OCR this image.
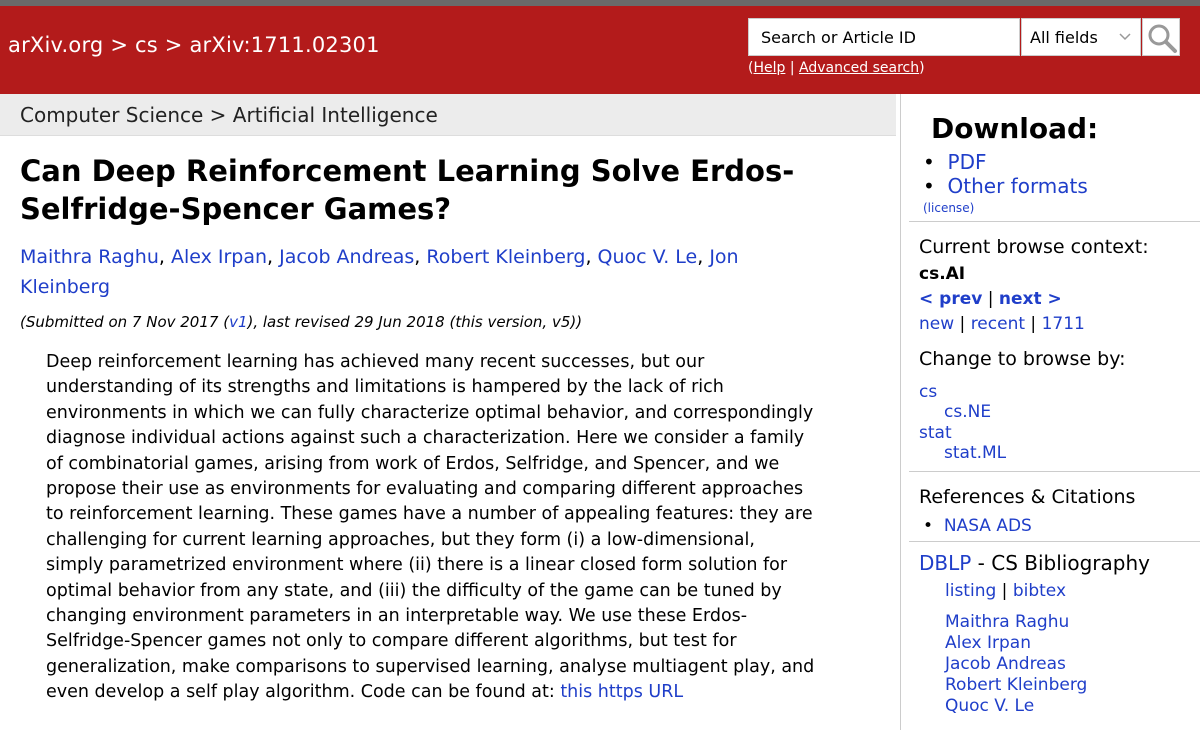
arXiv.org > cs > arXiv:1711.02301	Search or Article ID	All fields
(Help | Advanced search)
Computer Science > Artificial Intelligence
Can Deep Reinforcement Learning Solve Erdos-
Selfridge-Spencer Games?
Maithra Raghu, Alex Irpan, Jacob Andreas, Robert Kleinberg, Quoc V. Le, Jon
Kleinberg
(Submitted on 7 Nov 2017 (v1), last revised 29 Jun 2018 (this version, v5))
Deep reinforcement learning has achieved many recent successes, but our
understanding of its strengths and limitations is hampered by the lack of rich
environments in which we can fully characterize optimal behavior, and correspondingly
diagnose individual actions against such a characterization. Here we consider a family
of combinatorial games, arising from work of Erdos, Selfridge, and Spencer, and we
propose their use as environments for evaluating and comparing different approaches
to reinforcement learning. These games have a number of appealing features: they are
challenging for current learning approaches, but they form (i) a low-dimensional,
simply parametrized environment where (ii) there is a linear closed form solution for
optimal behavior from any state, and (iii) the difficulty of the game can be tuned by
changing environment parameters in an interpretable way. We use these Erdos-
Selfridge-Spencer games not only to compare different algorithms, but test for
generalization, make comparisons to supervised learning, analyse multiagent play, and
even develop a self play algorithm. Code can be found at: this https URL
Download:
•  PDF
•  Other formats
(license)
Current browse context:
cs.AI
< prev | next >
new | recent | 1711
Change to browse by:
cs
cs.NE
stat
stat.ML
References & Citations
•  NASA ADS
DBLP - CS Bibliography
listing | bibtex
Maithra Raghu
Alex Irpan
Jacob Andreas
Robert Kleinberg
Quoc V. Le
